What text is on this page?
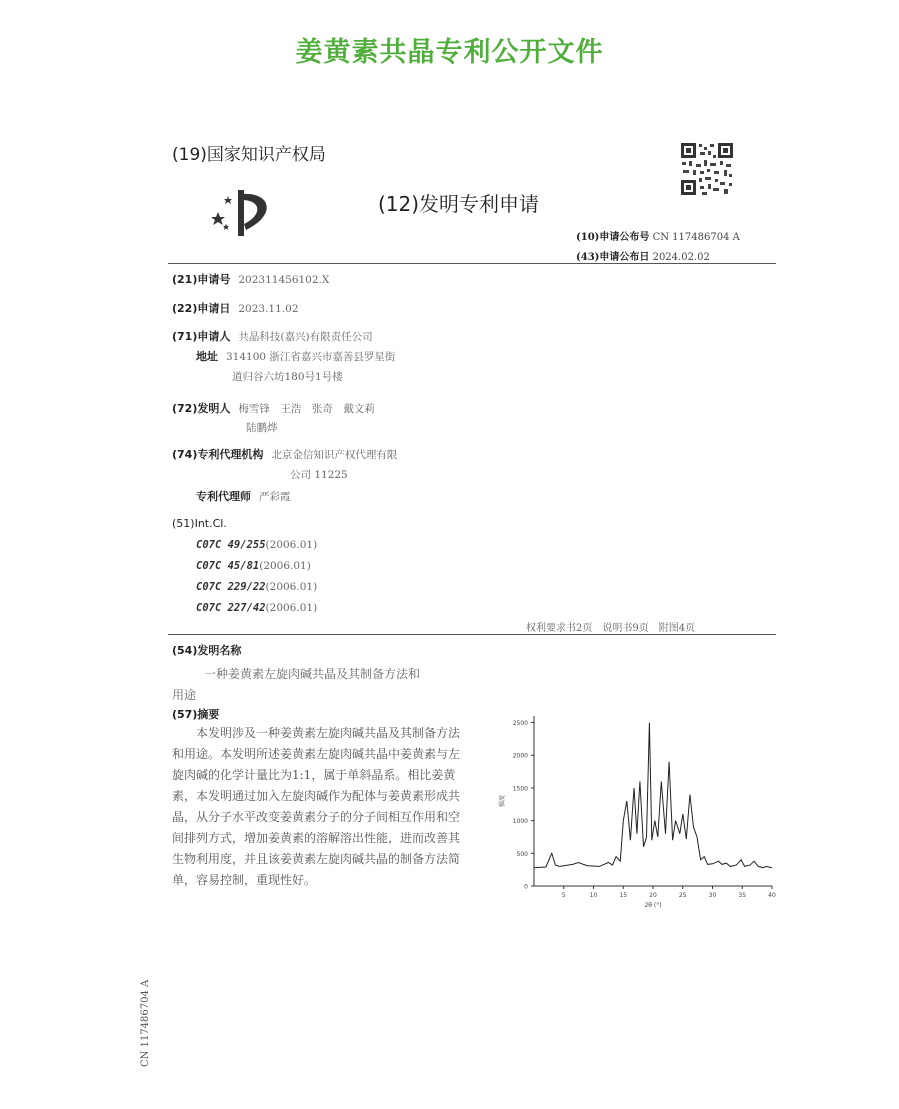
姜黄素共晶专利公开文件
(19)国家知识产权局
(12)发明专利申请
(10)申请公布号 CN 117486704 A
(43)申请公布日 2024.02.02
(21)申请号 202311456102.X
(22)申请日 2023.11.02
(71)申请人 共晶科技(嘉兴)有限责任公司
地址 314100 浙江省嘉兴市嘉善县罗星街
道归谷六坊180号1号楼
(72)发明人 梅雪锋　王浩　张奇　戴文莉
陆鹏烨
(74)专利代理机构 北京金信知识产权代理有限
公司 11225
专利代理师 严彩霞
(51)Int.Cl.
C07C 49/255(2006.01)
C07C 45/81(2006.01)
C07C 229/22(2006.01)
C07C 227/42(2006.01)
权利要求书2页　说明书9页　附图4页
(54)发明名称
一种姜黄素左旋肉碱共晶及其制备方法和
用途
(57)摘要
　　本发明涉及一种姜黄素左旋肉碱共晶及其制备方法和用途。本发明所述姜黄素左旋肉碱共晶中姜黄素与左旋肉碱的化学计量比为1:1，属于单斜晶系。相比姜黄素，本发明通过加入左旋肉碱作为配体与姜黄素形成共晶，从分子水平改变姜黄素分子的分子间相互作用和空间排列方式，增加姜黄素的溶解溶出性能，进而改善其生物利用度，并且该姜黄素左旋肉碱共晶的制备方法简单，容易控制，重现性好。	0
500
1000
1500
2000
2500
5	10	15	20	25	30	35	40
强度
2θ (°)
CN 117486704 A
